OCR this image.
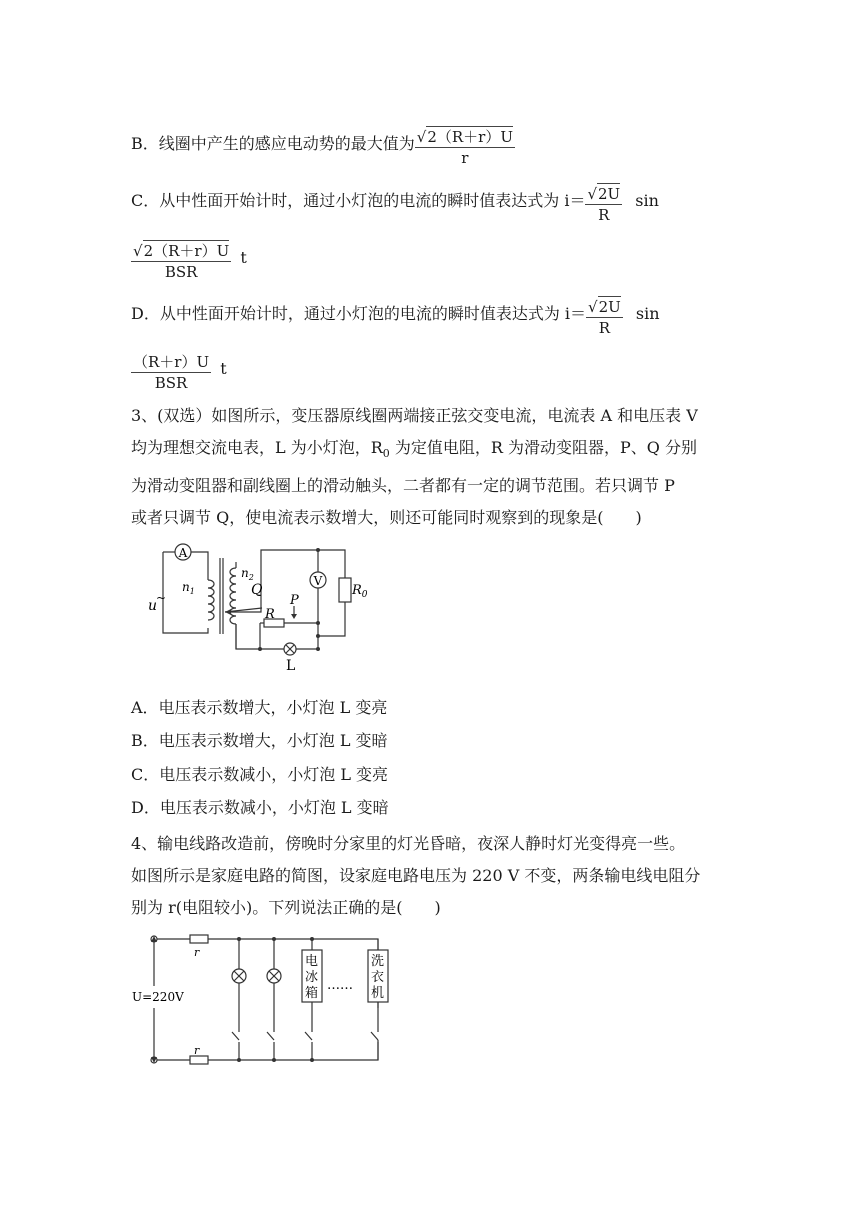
B．线圈中产生的感应电动势的最大值为 $\frac{√2(R+r)U}{r}$
C．从中性面开始计时，通过小灯泡的电流的瞬时值表达式为 $i= \frac{√2U}{R}$ sin
$\frac{√2(R+r)U}{\text{BSR}}$ t
D．从中性面开始计时，通过小灯泡的电流的瞬时值表达式为 $i= \frac{√2U}{R}$ sin
$\frac{(R+r)U}{\text{BSR}}$ t
3、(双选）如图所示，变压器原线圈两端接正弦交变电流，电流表 A 和电压表 V
均为理想交流电表，L 为小灯泡，$R_0$ 为定值电阻，R 为滑动变阻器，P、Q 分别
为滑动变阻器和副线圈上的滑动触头，二者都有一定的调节范围。若只调节 P
或者只调节 Q，使电流表示数增大，则还可能同时观察到的现象是(　　)
A
V
$n_1$
$n_2$
Q	$R_0$
P
R
u
~
L
A．电压表示数增大，小灯泡 L 变亮
B．电压表示数增大，小灯泡 L 变暗
C．电压表示数减小，小灯泡 L 变亮
D．电压表示数减小，小灯泡 L 变暗
4、输电线路改造前，傍晚时分家里的灯光昏暗，夜深人静时灯光变得亮一些。
如图所示是家庭电路的简图，设家庭电路电压为 220 V 不变，两条输电线电阻分
别为 r(电阻较小)。下列说法正确的是(　　)
r
r
U=220V
电
冰
箱
……
洗
衣
机
